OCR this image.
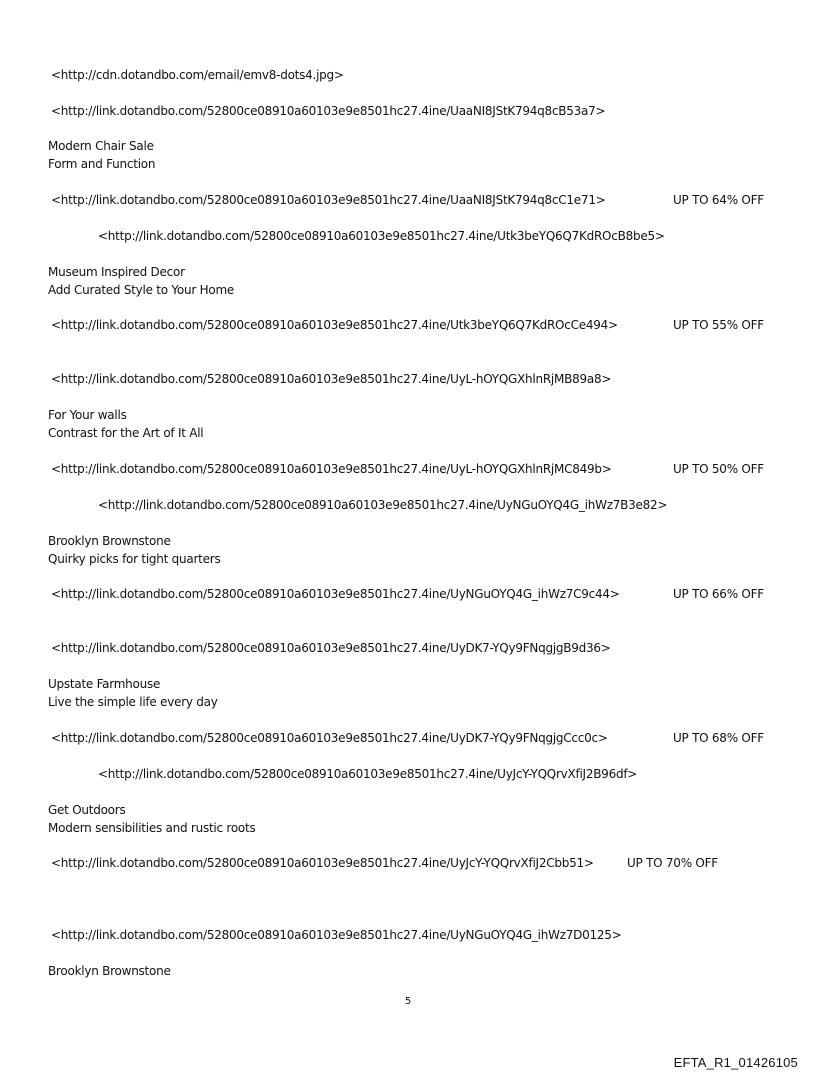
<http://cdn.dotandbo.com/email/emv8-dots4.jpg>
<http://link.dotandbo.com/52800ce08910a60103e9e8501hc27.4ine/UaaNI8JStK794q8cB53a7>
Modern Chair Sale
Form and Function
<http://link.dotandbo.com/52800ce08910a60103e9e8501hc27.4ine/UaaNI8JStK794q8cC1e71>	UP TO 64% OFF
<http://link.dotandbo.com/52800ce08910a60103e9e8501hc27.4ine/Utk3beYQ6Q7KdROcB8be5>
Museum Inspired Decor
Add Curated Style to Your Home
<http://link.dotandbo.com/52800ce08910a60103e9e8501hc27.4ine/Utk3beYQ6Q7KdROcCe494>	UP TO 55% OFF
<http://link.dotandbo.com/52800ce08910a60103e9e8501hc27.4ine/UyL-hOYQGXhlnRjMB89a8>
For Your walls
Contrast for the Art of It All
<http://link.dotandbo.com/52800ce08910a60103e9e8501hc27.4ine/UyL-hOYQGXhlnRjMC849b>	UP TO 50% OFF
<http://link.dotandbo.com/52800ce08910a60103e9e8501hc27.4ine/UyNGuOYQ4G_ihWz7B3e82>
Brooklyn Brownstone
Quirky picks for tight quarters
<http://link.dotandbo.com/52800ce08910a60103e9e8501hc27.4ine/UyNGuOYQ4G_ihWz7C9c44>	UP TO 66% OFF
<http://link.dotandbo.com/52800ce08910a60103e9e8501hc27.4ine/UyDK7-YQy9FNqgjgB9d36>
Upstate Farmhouse
Live the simple life every day
<http://link.dotandbo.com/52800ce08910a60103e9e8501hc27.4ine/UyDK7-YQy9FNqgjgCcc0c>	UP TO 68% OFF
<http://link.dotandbo.com/52800ce08910a60103e9e8501hc27.4ine/UyJcY-YQQrvXfiJ2B96df>
Get Outdoors
Modern sensibilities and rustic roots
<http://link.dotandbo.com/52800ce08910a60103e9e8501hc27.4ine/UyJcY-YQQrvXfiJ2Cbb51>	UP TO 70% OFF
<http://link.dotandbo.com/52800ce08910a60103e9e8501hc27.4ine/UyNGuOYQ4G_ihWz7D0125>
Brooklyn Brownstone
5
EFTA_R1_01426105
